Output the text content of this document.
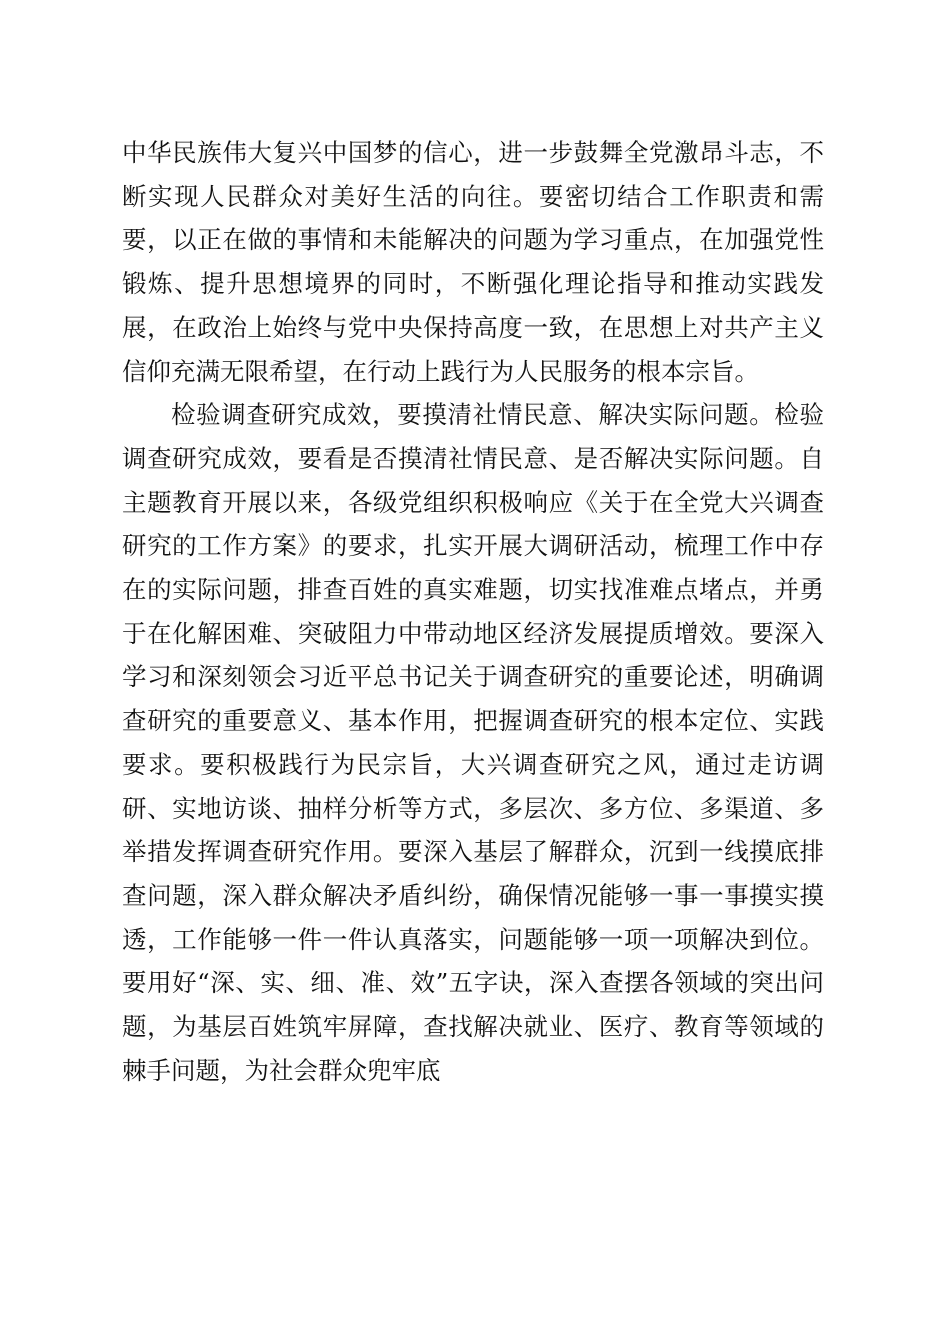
中华民族伟大复兴中国梦的信心，进一步鼓舞全党激昂斗志，不断实现人民群众对美好生活的向往。要密切结合工作职责和需要，以正在做的事情和未能解决的问题为学习重点，在加强党性锻炼、提升思想境界的同时，不断强化理论指导和推动实践发展，在政治上始终与党中央保持高度一致，在思想上对共产主义信仰充满无限希望，在行动上践行为人民服务的根本宗旨。

检验调查研究成效，要摸清社情民意、解决实际问题。检验调查研究成效，要看是否摸清社情民意、是否解决实际问题。自主题教育开展以来，各级党组织积极响应《关于在全党大兴调查研究的工作方案》的要求，扎实开展大调研活动，梳理工作中存在的实际问题，排查百姓的真实难题，切实找准难点堵点，并勇于在化解困难、突破阻力中带动地区经济发展提质增效。要深入学习和深刻领会习近平总书记关于调查研究的重要论述，明确调查研究的重要意义、基本作用，把握调查研究的根本定位、实践要求。要积极践行为民宗旨，大兴调查研究之风，通过走访调研、实地访谈、抽样分析等方式，多层次、多方位、多渠道、多举措发挥调查研究作用。要深入基层了解群众，沉到一线摸底排查问题，深入群众解决矛盾纠纷，确保情况能够一事一事摸实摸透，工作能够一件一件认真落实，问题能够一项一项解决到位。要用好“深、实、细、准、效”五字诀，深入查摆各领域的突出问题，为基层百姓筑牢屏障，查找解决就业、医疗、教育等领域的棘手问题，为社会群众兜牢底
